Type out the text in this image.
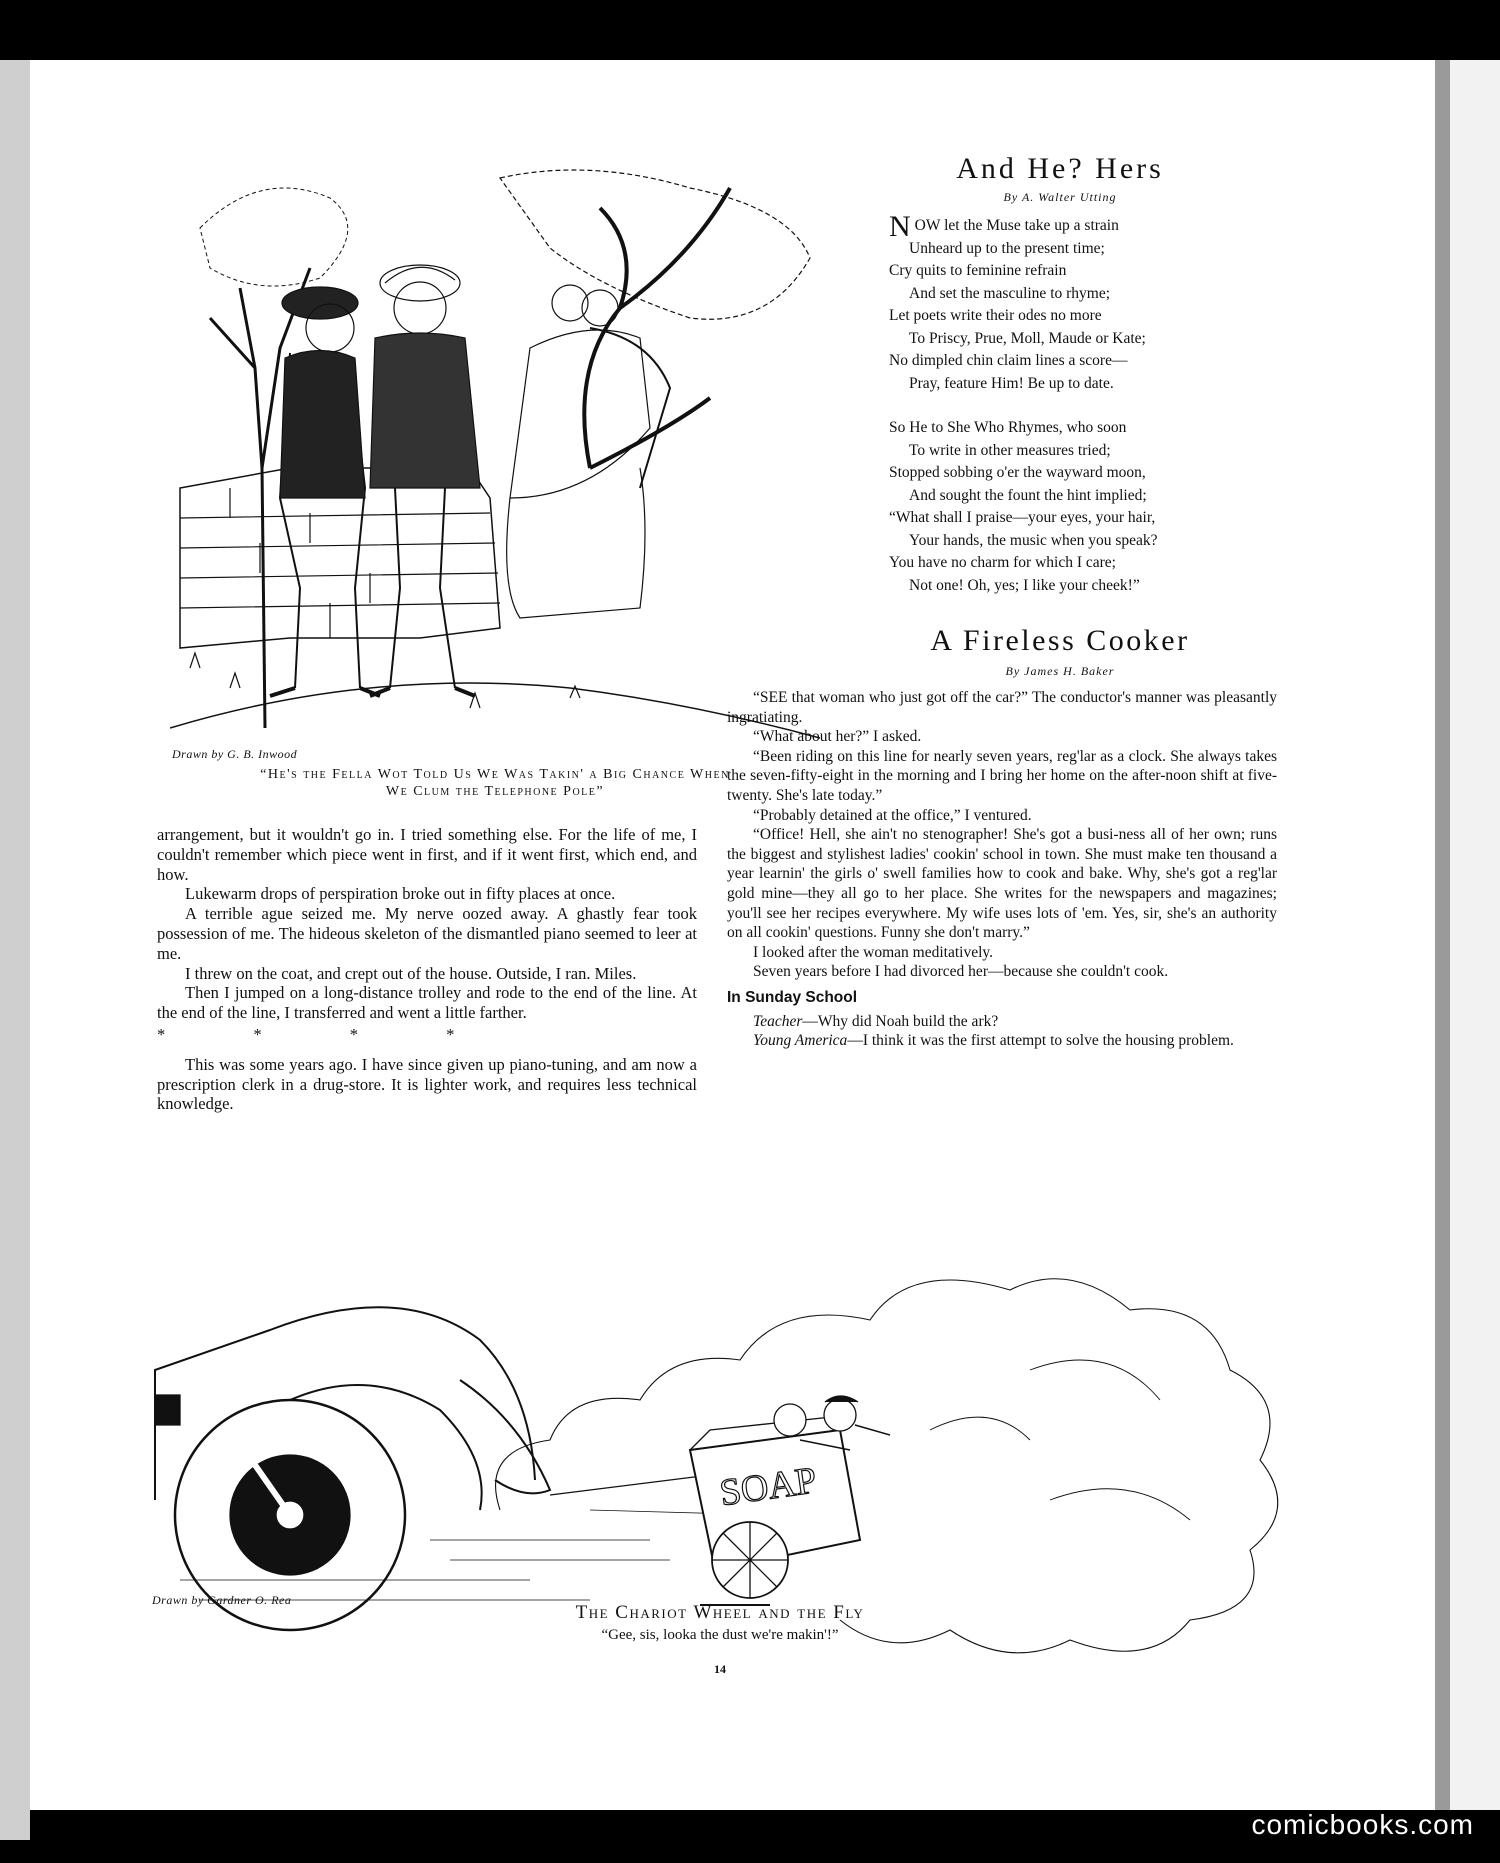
Drawn by G. B. Inwood
“He's the Fella Wot Told Us We Was Takin' a Big Chance When
We Clum the Telephone Pole”
And He? Hers
By A. Walter Utting

NOW let the Muse take up a strain

Unheard up to the present time;

Cry quits to feminine refrain

And set the masculine to rhyme;

Let poets write their odes no more

To Priscy, Prue, Moll, Maude or Kate;

No dimpled chin claim lines a score—

Pray, feature Him! Be up to date.

So He to She Who Rhymes, who soon

To write in other measures tried;

Stopped sobbing o'er the wayward moon,

And sought the fount the hint implied;

“What shall I praise—your eyes, your hair,

Your hands, the music when you speak?

You have no charm for which I care;

Not one! Oh, yes; I like your cheek!”

A Fireless Cooker
By James H. Baker

“SEE that woman who just got off the car?” The conductor's manner was pleasantly ingratiating.

“What about her?” I asked.

“Been riding on this line for nearly seven years, reg'lar as a clock. She always takes the seven-fifty-eight in the morning and I bring her home on the after-noon shift at five-twenty. She's late today.”

“Probably detained at the office,” I ventured.

“Office! Hell, she ain't no stenographer! She's got a busi-ness all of her own; runs the biggest and stylishest ladies' cookin' school in town. She must make ten thousand a year learnin' the girls o' swell families how to cook and bake. Why, she's got a reg'lar gold mine—they all go to her place. She writes for the newspapers and magazines; you'll see her recipes everywhere. My wife uses lots of 'em. Yes, sir, she's an authority on all cookin' questions. Funny she don't marry.”

I looked after the woman meditatively.

Seven years before I had divorced her—because she couldn't cook.

In Sunday School

Teacher—Why did Noah build the ark?

Young America—I think it was the first attempt to solve the housing problem.

arrangement, but it wouldn't go in. I tried something else. For the life of me, I couldn't remember which piece went in first, and if it went first, which end, and how.

Lukewarm drops of perspiration broke out in fifty places at once.

A terrible ague seized me. My nerve oozed away. A ghastly fear took possession of me. The hideous skeleton of the dismantled piano seemed to leer at me.

I threw on the coat, and crept out of the house. Outside, I ran. Miles.

Then I jumped on a long-distance trolley and rode to the end of the line. At the end of the line, I transferred and went a little farther.

* * * *

This was some years ago. I have since given up piano-tuning, and am now a prescription clerk in a drug-store. It is lighter work, and requires less technical knowledge.

SOAP
Drawn by Gardner O. Rea
The Chariot Wheel and the Fly
“Gee, sis, looka the dust we're makin'!”
14
comicbooks.com
